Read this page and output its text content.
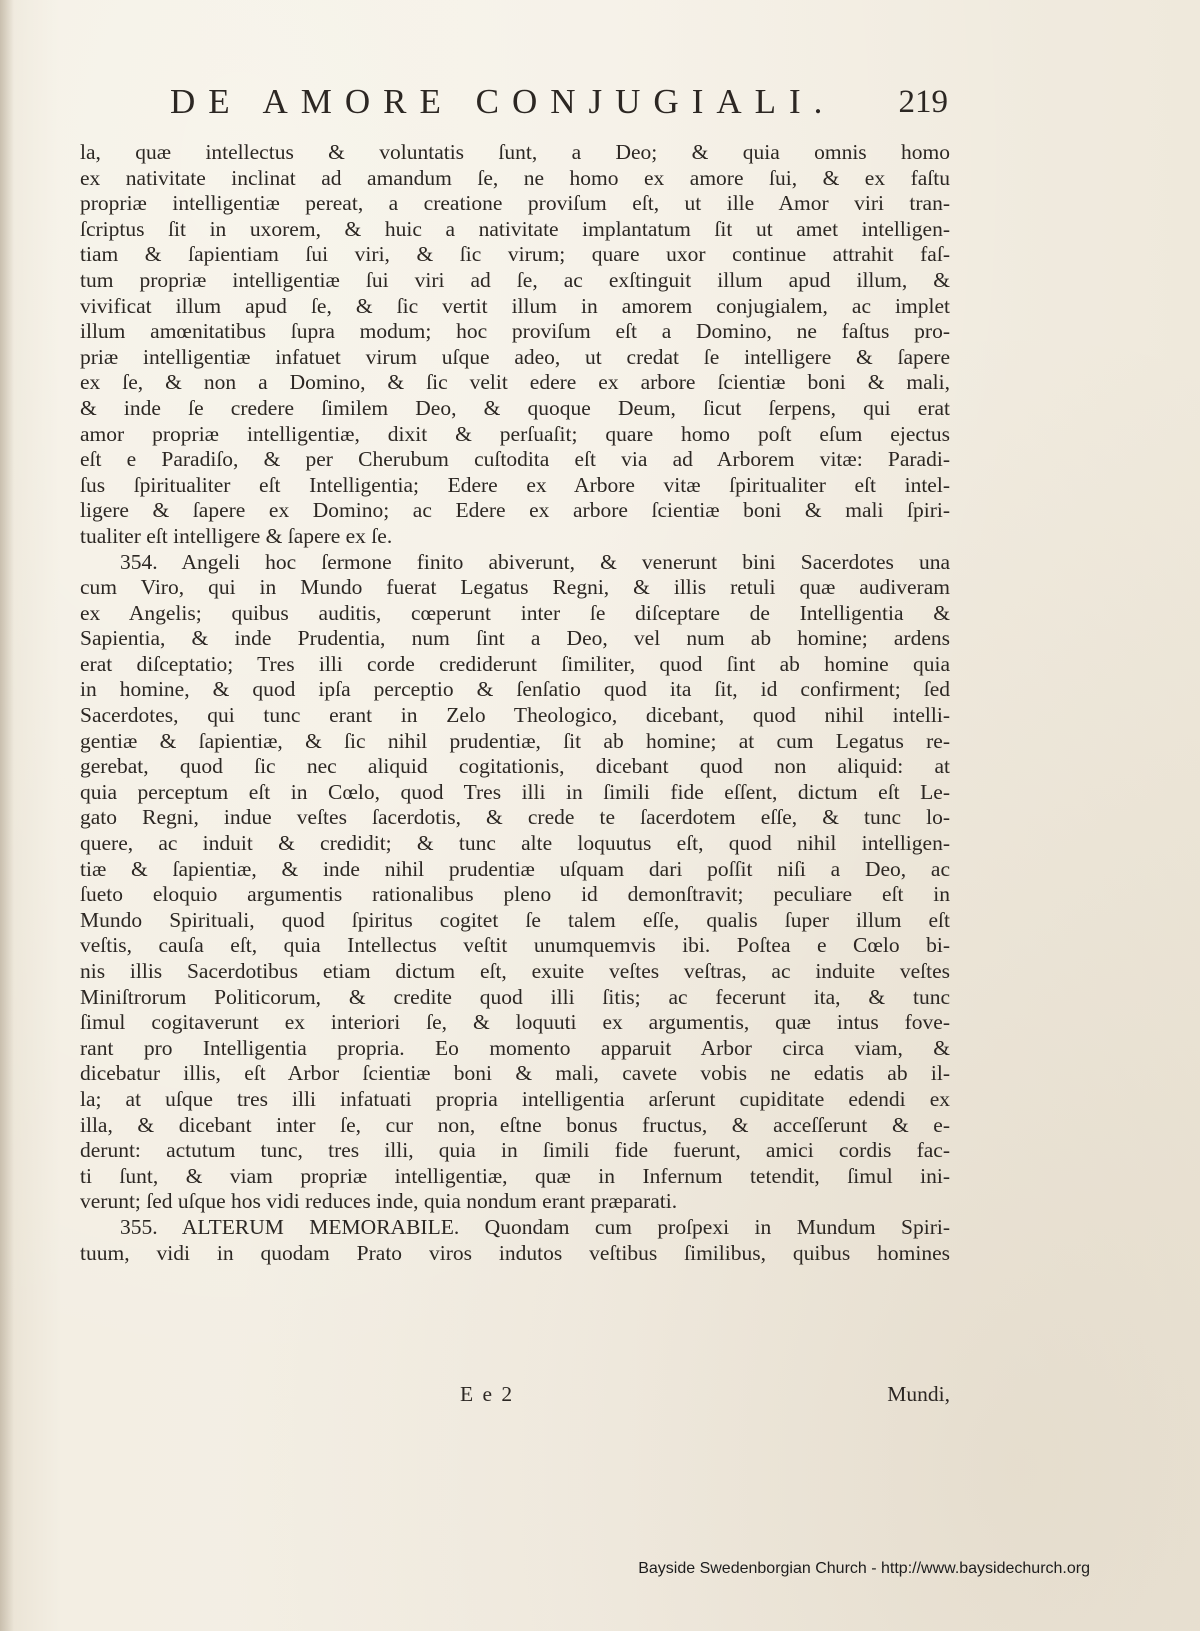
DE AMORE CONJUGIALI. 219
la, quæ intellectus & voluntatis ſunt, a Deo; & quia omnis homo
ex nativitate inclinat ad amandum ſe, ne homo ex amore ſui, & ex faſtu
propriæ intelligentiæ pereat, a creatione proviſum eſt, ut ille Amor viri tran-
ſcriptus ſit in uxorem, & huic a nativitate implantatum ſit ut amet intelligen-
tiam & ſapientiam ſui viri, & ſic virum; quare uxor continue attrahit faſ-
tum propriæ intelligentiæ ſui viri ad ſe, ac exſtinguit illum apud illum, &
vivificat illum apud ſe, & ſic vertit illum in amorem conjugialem, ac implet
illum amœnitatibus ſupra modum; hoc proviſum eſt a Domino, ne faſtus pro-
priæ intelligentiæ infatuet virum uſque adeo, ut credat ſe intelligere & ſapere
ex ſe, & non a Domino, & ſic velit edere ex arbore ſcientiæ boni & mali,
& inde ſe credere ſimilem Deo, & quoque Deum, ſicut ſerpens, qui erat
amor propriæ intelligentiæ, dixit & perſuaſit; quare homo poſt eſum ejectus
eſt e Paradiſo, & per Cherubum cuſtodita eſt via ad Arborem vitæ: Paradi-
ſus ſpiritualiter eſt Intelligentia; Edere ex Arbore vitæ ſpiritualiter eſt intel-
ligere & ſapere ex Domino; ac Edere ex arbore ſcientiæ boni & mali ſpiri-
tualiter eſt intelligere & ſapere ex ſe.
354. Angeli hoc ſermone finito abiverunt, & venerunt bini Sacerdotes una
cum Viro, qui in Mundo fuerat Legatus Regni, & illis retuli quæ audiveram
ex Angelis; quibus auditis, cœperunt inter ſe diſceptare de Intelligentia &
Sapientia, & inde Prudentia, num ſint a Deo, vel num ab homine; ardens
erat diſceptatio; Tres illi corde crediderunt ſimiliter, quod ſint ab homine quia
in homine, & quod ipſa perceptio & ſenſatio quod ita ſit, id confirment; ſed
Sacerdotes, qui tunc erant in Zelo Theologico, dicebant, quod nihil intelli-
gentiæ & ſapientiæ, & ſic nihil prudentiæ, ſit ab homine; at cum Legatus re-
gerebat, quod ſic nec aliquid cogitationis, dicebant quod non aliquid: at
quia perceptum eſt in Cœlo, quod Tres illi in ſimili fide eſſent, dictum eſt Le-
gato Regni, indue veſtes ſacerdotis, & crede te ſacerdotem eſſe, & tunc lo-
quere, ac induit & credidit; & tunc alte loquutus eſt, quod nihil intelligen-
tiæ & ſapientiæ, & inde nihil prudentiæ uſquam dari poſſit niſi a Deo, ac
ſueto eloquio argumentis rationalibus pleno id demonſtravit; peculiare eſt in
Mundo Spirituali, quod ſpiritus cogitet ſe talem eſſe, qualis ſuper illum eſt
veſtis, cauſa eſt, quia Intellectus veſtit unumquemvis ibi. Poſtea e Cœlo bi-
nis illis Sacerdotibus etiam dictum eſt, exuite veſtes veſtras, ac induite veſtes
Miniſtrorum Politicorum, & credite quod illi ſitis; ac fecerunt ita, & tunc
ſimul cogitaverunt ex interiori ſe, & loquuti ex argumentis, quæ intus fove-
rant pro Intelligentia propria. Eo momento apparuit Arbor circa viam, &
dicebatur illis, eſt Arbor ſcientiæ boni & mali, cavete vobis ne edatis ab il-
la; at uſque tres illi infatuati propria intelligentia arſerunt cupiditate edendi ex
illa, & dicebant inter ſe, cur non, eſtne bonus fructus, & acceſſerunt & e-
derunt: actutum tunc, tres illi, quia in ſimili fide fuerunt, amici cordis fac-
ti ſunt, & viam propriæ intelligentiæ, quæ in Infernum tetendit, ſimul ini-
verunt; ſed uſque hos vidi reduces inde, quia nondum erant præparati.
355. ALTERUM MEMORABILE. Quondam cum proſpexi in Mundum Spiri-
tuum, vidi in quodam Prato viros indutos veſtibus ſimilibus, quibus homines
E e 2	Mundi,
Bayside Swedenborgian Church - http://www.baysidechurch.org
